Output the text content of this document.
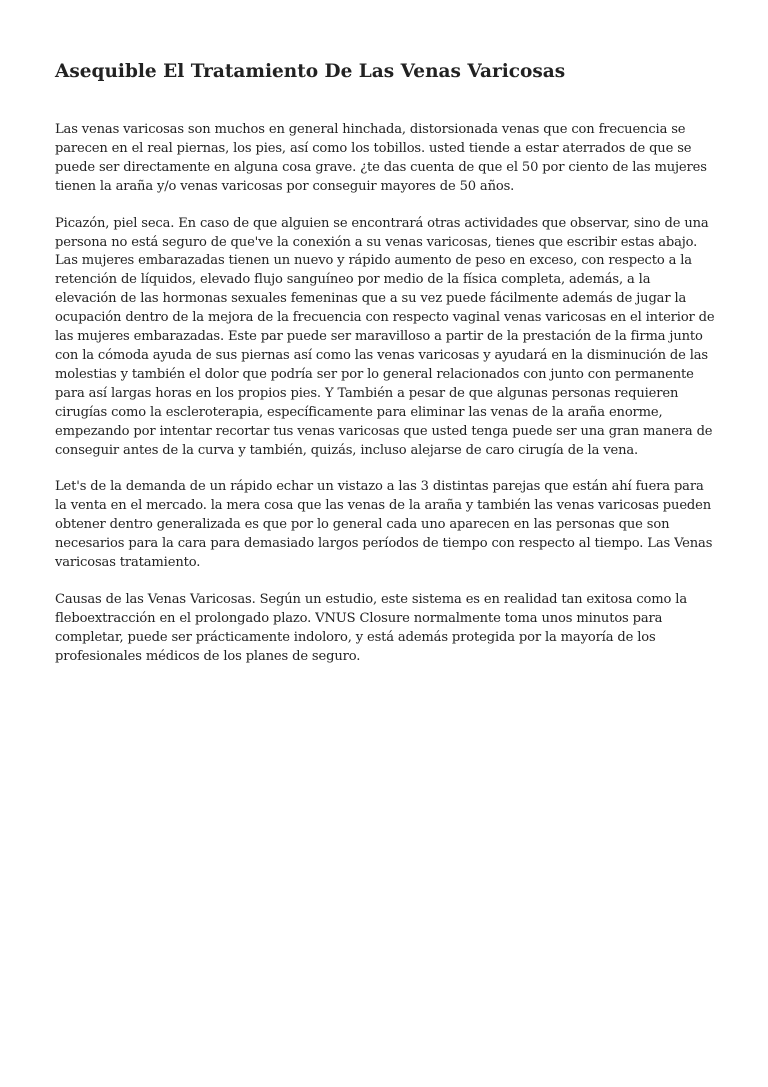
Asequible El Tratamiento De Las Venas Varicosas

Las venas varicosas son muchos en general hinchada, distorsionada venas que con frecuencia se parecen en el real piernas, los pies, así como los tobillos. usted tiende a estar aterrados de que se puede ser directamente en alguna cosa grave. ¿te das cuenta de que el 50 por ciento de las mujeres tienen la araña y/o venas varicosas por conseguir mayores de 50 años.

Picazón, piel seca. En caso de que alguien se encontrará otras actividades que observar, sino de una persona no está seguro de que've la conexión a su venas varicosas, tienes que escribir estas abajo. Las mujeres embarazadas tienen un nuevo y rápido aumento de peso en exceso, con respecto a la retención de líquidos, elevado flujo sanguíneo por medio de la física completa, además, a la elevación de las hormonas sexuales femeninas que a su vez puede fácilmente además de jugar la ocupación dentro de la mejora de la frecuencia con respecto vaginal venas varicosas en el interior de las mujeres embarazadas. Este par puede ser maravilloso a partir de la prestación de la firma junto con la cómoda ayuda de sus piernas así como las venas varicosas y ayudará en la disminución de las molestias y también el dolor que podría ser por lo general relacionados con junto con permanente para así largas horas en los propios pies. Y También a pesar de que algunas personas requieren cirugías como la escleroterapia, específicamente para eliminar las venas de la araña enorme, empezando por intentar recortar tus venas varicosas que usted tenga puede ser una gran manera de conseguir antes de la curva y también, quizás, incluso alejarse de caro cirugía de la vena.

Let's de la demanda de un rápido echar un vistazo a las 3 distintas parejas que están ahí fuera para la venta en el mercado. la mera cosa que las venas de la araña y también las venas varicosas pueden obtener dentro generalizada es que por lo general cada uno aparecen en las personas que son necesarios para la cara para demasiado largos períodos de tiempo con respecto al tiempo. Las Venas varicosas tratamiento.

Causas de las Venas Varicosas. Según un estudio, este sistema es en realidad tan exitosa como la fleboextracción en el prolongado plazo. VNUS Closure normalmente toma unos minutos para completar, puede ser prácticamente indoloro, y está además protegida por la mayoría de los profesionales médicos de los planes de seguro.
